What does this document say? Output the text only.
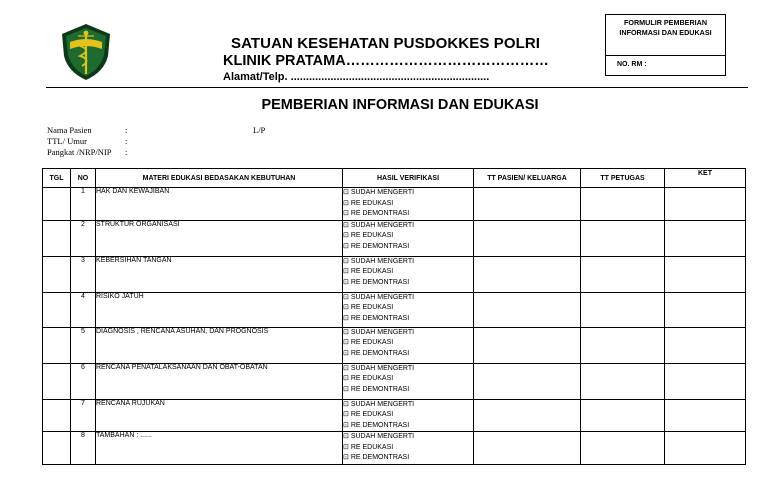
SATUAN KESEHATAN PUSDOKKES POLRI
KLINIK PRATAMA……………………………………
Alamat/Telp. .................................................................
FORMULIR PEMBERIAN INFORMASI DAN EDUKASI
NO. RM :
PEMBERIAN INFORMASI DAN EDUKASI
Nama Pasien	:
TTL/ Umur	:
Pangkat /NRP/NIP :
L/P
TGL	NO	MATERI EDUKASI BEDASAKAN KEBUTUHAN	HASIL VERIFIKASI	TT PASIEN/ KELUARGA	TT PETUGAS	KET
	1	HAK DAN KEWAJIBAN	⊡ SUDAH MENGERTI
⊡ RE EDUKASI
⊡ RE DEMONTRASI			

	2	STRUKTUR ORGANISASI	⊡ SUDAH MENGERTI
⊡ RE EDUKASI
⊡ RE DEMONTRASI			

	3	KEBERSIHAN TANGAN	⊡ SUDAH MENGERTI
⊡ RE EDUKASI
⊡ RE DEMONTRASI			

	4	RISIKO JATUH	⊡ SUDAH MENGERTI
⊡ RE EDUKASI
⊡ RE DEMONTRASI			

	5	DIAGNOSIS , RENCANA ASUHAN, DAN PROGNOSIS	⊡ SUDAH MENGERTI
⊡ RE EDUKASI
⊡ RE DEMONTRASI			

	6	RENCANA PENATALAKSANAAN DAN OBAT-OBATAN	⊡ SUDAH MENGERTI
⊡ RE EDUKASI
⊡ RE DEMONTRASI			

	7	RENCANA RUJUKAN	⊡ SUDAH MENGERTI
⊡ RE EDUKASI
⊡ RE DEMONTRASI			

	8	TAMBAHAN : ......	⊡ SUDAH MENGERTI
⊡ RE EDUKASI
⊡ RE DEMONTRASI			
